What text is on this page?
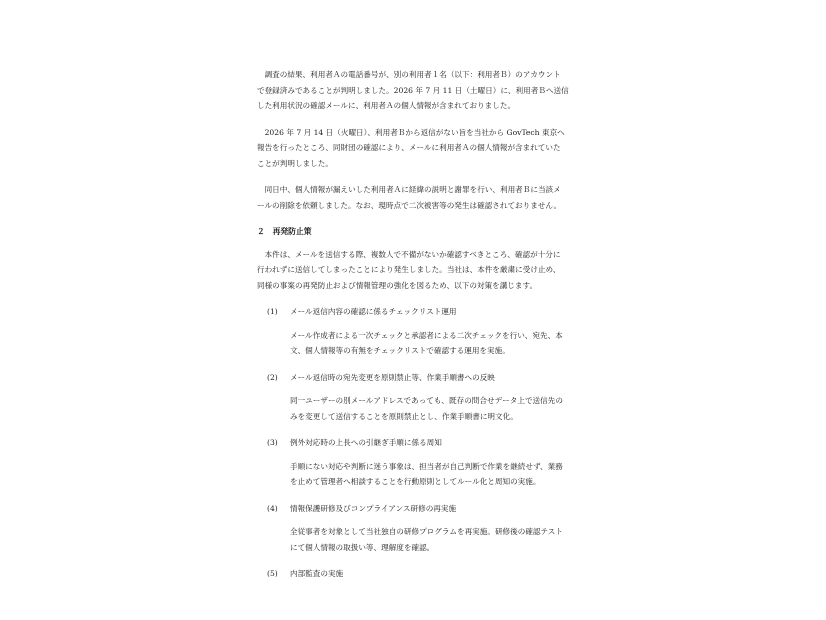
調査の結果、利用者Ａの電話番号が、別の利用者１名（以下：利用者Ｂ）のアカウント
で登録済みであることが判明しました。2026 年 7 月 11 日（土曜日）に、利用者Ｂへ送信
した利用状況の確認メールに、利用者Ａの個人情報が含まれておりました。

2026 年 7 月 14 日（火曜日）、利用者Ｂから返信がない旨を当社から GovTech 東京へ
報告を行ったところ、同財団の確認により、メールに利用者Ａの個人情報が含まれていた
ことが判明しました。

同日中、個人情報が漏えいした利用者Ａに経緯の説明と謝罪を行い、利用者Ｂに当該メ
ールの削除を依頼しました。なお、現時点で二次被害等の発生は確認されておりません。

２　再発防止策

本件は、メールを送信する際、複数人で不備がないか確認すべきところ、確認が十分に
行われずに送信してしまったことにより発生しました。当社は、本件を厳粛に受け止め、
同様の事案の再発防止および情報管理の強化を図るため、以下の対策を講じます。

(1)	メール返信内容の確認に係るチェックリスト運用

メール作成者による一次チェックと承認者による二次チェックを行い、宛先、本
文、個人情報等の有無をチェックリストで確認する運用を実施。

(2)	メール返信時の宛先変更を原則禁止等、作業手順書への反映

同一ユーザーの別メールアドレスであっても、既存の問合せデータ上で送信先の
みを変更して送信することを原則禁止とし、作業手順書に明文化。

(3)	例外対応時の上長への引継ぎ手順に係る周知

手順にない対応や判断に迷う事象は、担当者が自己判断で作業を継続せず、業務
を止めて管理者へ相談することを行動原則としてルール化と周知の実施。

(4)	情報保護研修及びコンプライアンス研修の再実施

全従事者を対象として当社独自の研修プログラムを再実施。研修後の確認テスト
にて個人情報の取扱い等、理解度を確認。

(5)	内部監査の実施
